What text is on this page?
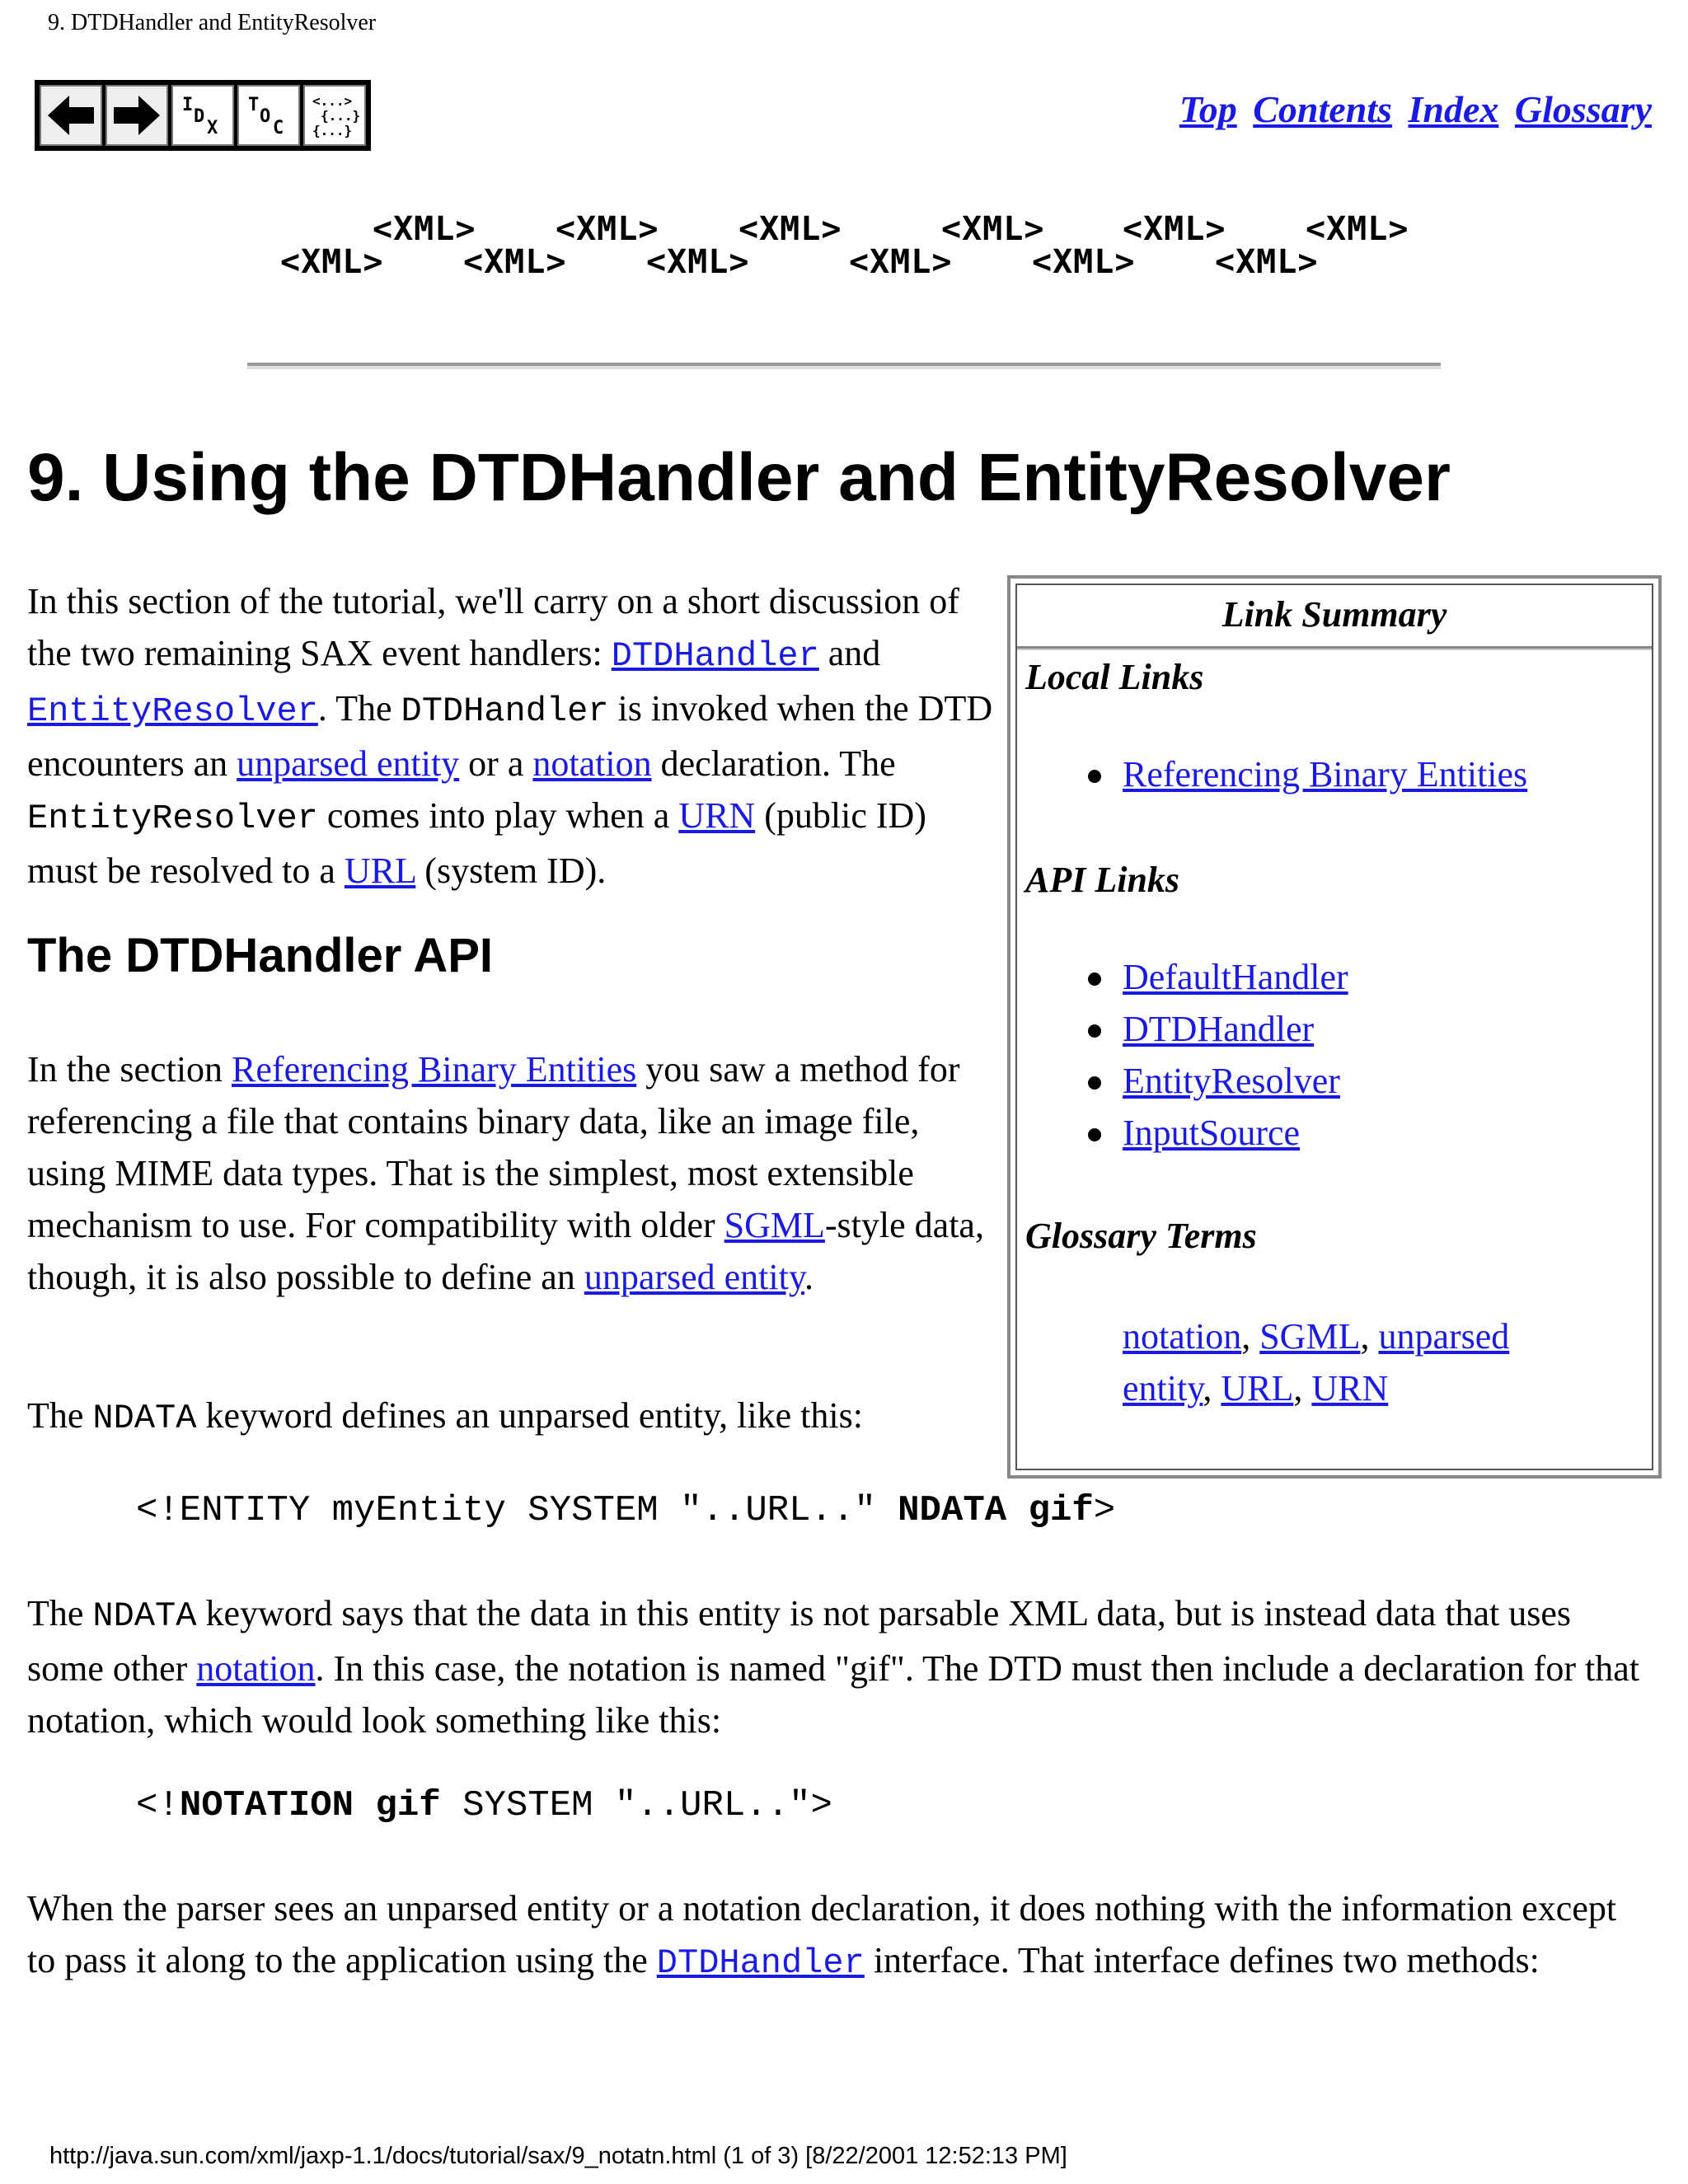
9. DTDHandler and EntityResolver
I
D
X
T
O
C
<...>
{...}
{...}
Top Contents Index Glossary
<XML>
<XML>
<XML>
<XML>
<XML>
<XML>
<XML>
<XML>
<XML>
<XML>
<XML>
<XML>
9. Using the DTDHandler and EntityResolver

In this section of the tutorial, we'll carry on a short discussion of the two remaining SAX event handlers: DTDHandler and EntityResolver. The DTDHandler is invoked when the DTD encounters an unparsed entity or a notation declaration. The EntityResolver comes into play when a URN (public ID) must be resolved to a URL (system ID).

The DTDHandler API

In the section Referencing Binary Entities you saw a method for referencing a file that contains binary data, like an image file, using MIME data types. That is the simplest, most extensible mechanism to use. For compatibility with older SGML-style data, though, it is also possible to define an unparsed entity.

The NDATA keyword defines an unparsed entity, like this:

<!ENTITY myEntity SYSTEM "..URL.." NDATA gif>

The NDATA keyword says that the data in this entity is not parsable XML data, but is instead data that uses some other notation. In this case, the notation is named "gif". The DTD must then include a declaration for that notation, which would look something like this:

<!NOTATION gif SYSTEM "..URL..">

When the parser sees an unparsed entity or a notation declaration, it does nothing with the information except to pass it along to the application using the DTDHandler interface. That interface defines two methods:

Link Summary
Local Links
Referencing Binary Entities
API Links
DefaultHandler
DTDHandler
EntityResolver
InputSource
Glossary Terms
notation, SGML, unparsed entity, URL, URN
http://java.sun.com/xml/jaxp-1.1/docs/tutorial/sax/9_notatn.html (1 of 3) [8/22/2001 12:52:13 PM]
